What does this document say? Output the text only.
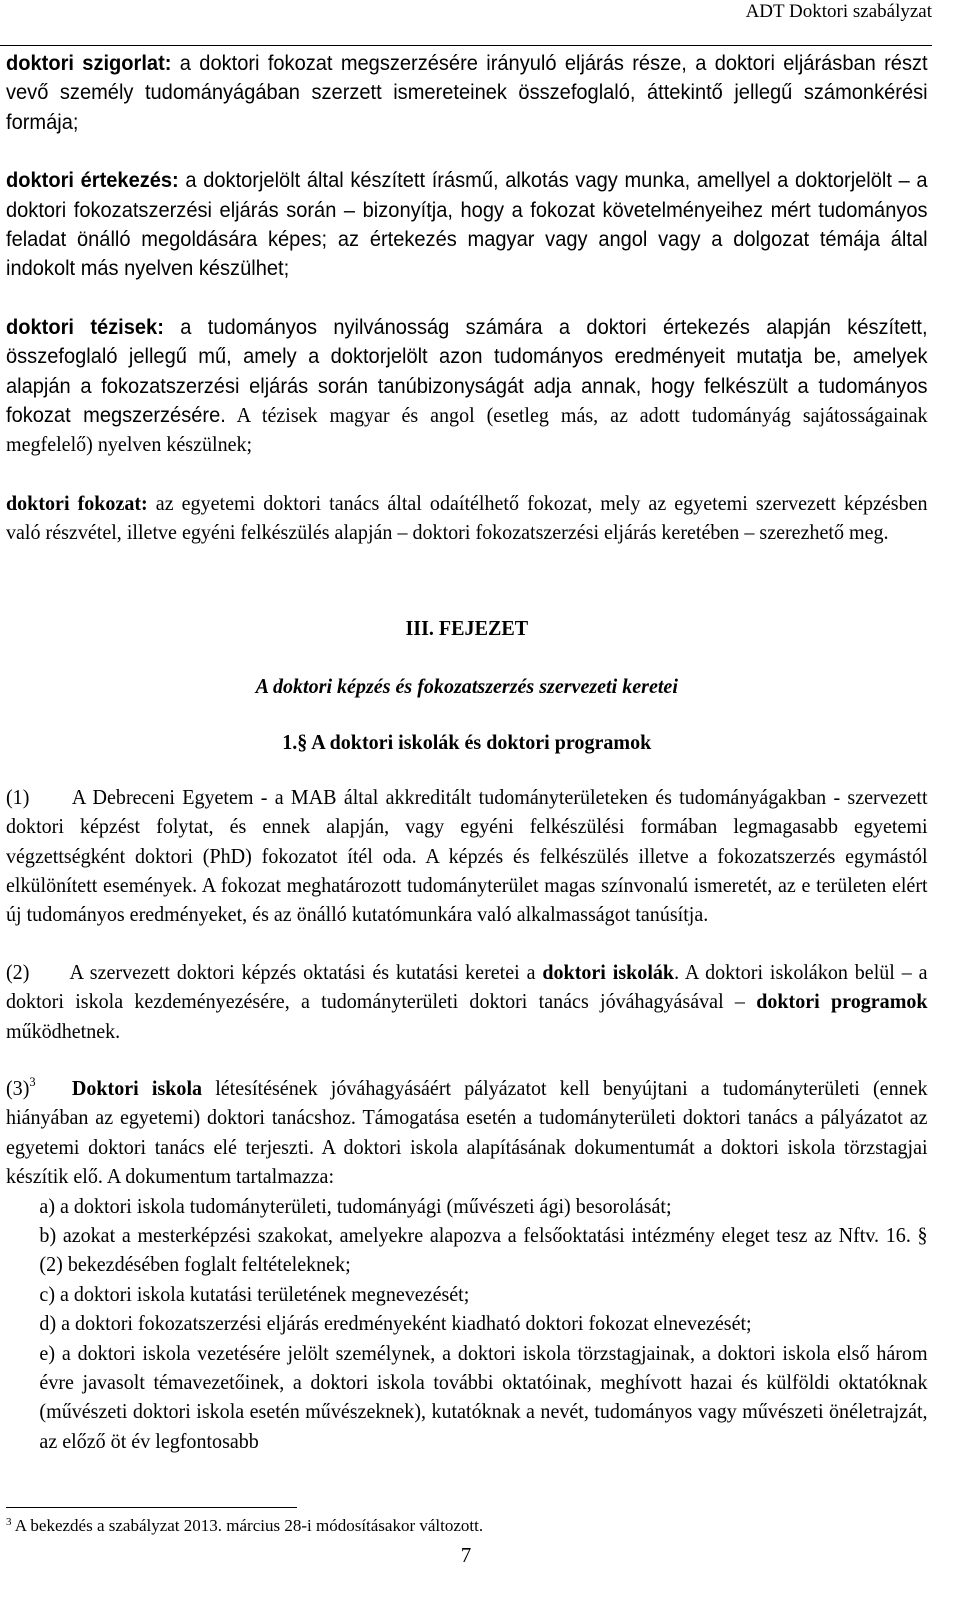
ADT Doktori szabályzat

doktori szigorlat: a doktori fokozat megszerzésére irányuló eljárás része, a doktori eljárásban részt vevő személy tudományágában szerzett ismereteinek összefoglaló, áttekintő jellegű számonkérési formája;

doktori értekezés: a doktorjelölt által készített írásmű, alkotás vagy munka, amellyel a doktorjelölt – a doktori fokozatszerzési eljárás során – bizonyítja, hogy a fokozat követelményeihez mért tudományos feladat önálló megoldására képes; az értekezés magyar vagy angol vagy a dolgozat témája által indokolt más nyelven készülhet;

doktori tézisek: a tudományos nyilvánosság számára a doktori értekezés alapján készített, összefoglaló jellegű mű, amely a doktorjelölt azon tudományos eredményeit mutatja be, amelyek alapján a fokozatszerzési eljárás során tanúbizonyságát adja annak, hogy felkészült a tudományos fokozat megszerzésére. A tézisek magyar és angol (esetleg más, az adott tudományág sajátosságainak megfelelő) nyelven készülnek;

doktori fokozat: az egyetemi doktori tanács által odaítélhető fokozat, mely az egyetemi szervezett képzésben való részvétel, illetve egyéni felkészülés alapján – doktori fokozatszerzési eljárás keretében – szerezhető meg.

III. FEJEZET
A doktori képzés és fokozatszerzés szervezeti keretei
1.§ A doktori iskolák és doktori programok

(1)      A Debreceni Egyetem - a MAB által akkreditált tudományterületeken és tudományágakban - szervezett doktori képzést folytat, és ennek alapján, vagy egyéni felkészülési formában legmagasabb egyetemi végzettségként doktori (PhD) fokozatot ítél oda. A képzés és felkészülés illetve a fokozatszerzés egymástól elkülönített események. A fokozat meghatározott tudományterület magas színvonalú ismeretét, az e területen elért új tudományos eredményeket, és az önálló kutatómunkára való alkalmasságot tanúsítja.

(2)      A szervezett doktori képzés oktatási és kutatási keretei a doktori iskolák. A doktori iskolákon belül – a doktori iskola kezdeményezésére, a tudományterületi doktori tanács jóváhagyásával – doktori programok működhetnek.

(3)$^3$ Doktori iskola létesítésének jóváhagyásáért pályázatot kell benyújtani a tudományterületi (ennek hiányában az egyetemi) doktori tanácshoz. Támogatása esetén a tudományterületi doktori tanács a pályázatot az egyetemi doktori tanács elé terjeszti. A doktori iskola alapításának dokumentumát a doktori iskola törzstagjai készítik elő. A dokumentum tartalmazza:

a) a doktori iskola tudományterületi, tudományági (művészeti ági) besorolását;
b) azokat a mesterképzési szakokat, amelyekre alapozva a felsőoktatási intézmény eleget tesz az Nftv. 16. § (2) bekezdésében foglalt feltételeknek;
c) a doktori iskola kutatási területének megnevezését;
d) a doktori fokozatszerzési eljárás eredményeként kiadható doktori fokozat elnevezését;
e) a doktori iskola vezetésére jelölt személynek, a doktori iskola törzstagjainak, a doktori iskola első három évre javasolt témavezetőinek, a doktori iskola további oktatóinak, meghívott hazai és külföldi oktatóknak (művészeti doktori iskola esetén művészeknek), kutatóknak a nevét, tudományos vagy művészeti önéletrajzát, az előző öt év legfontosabb
$^3$ A bekezdés a szabályzat 2013. március 28-i módosításakor változott.
7
